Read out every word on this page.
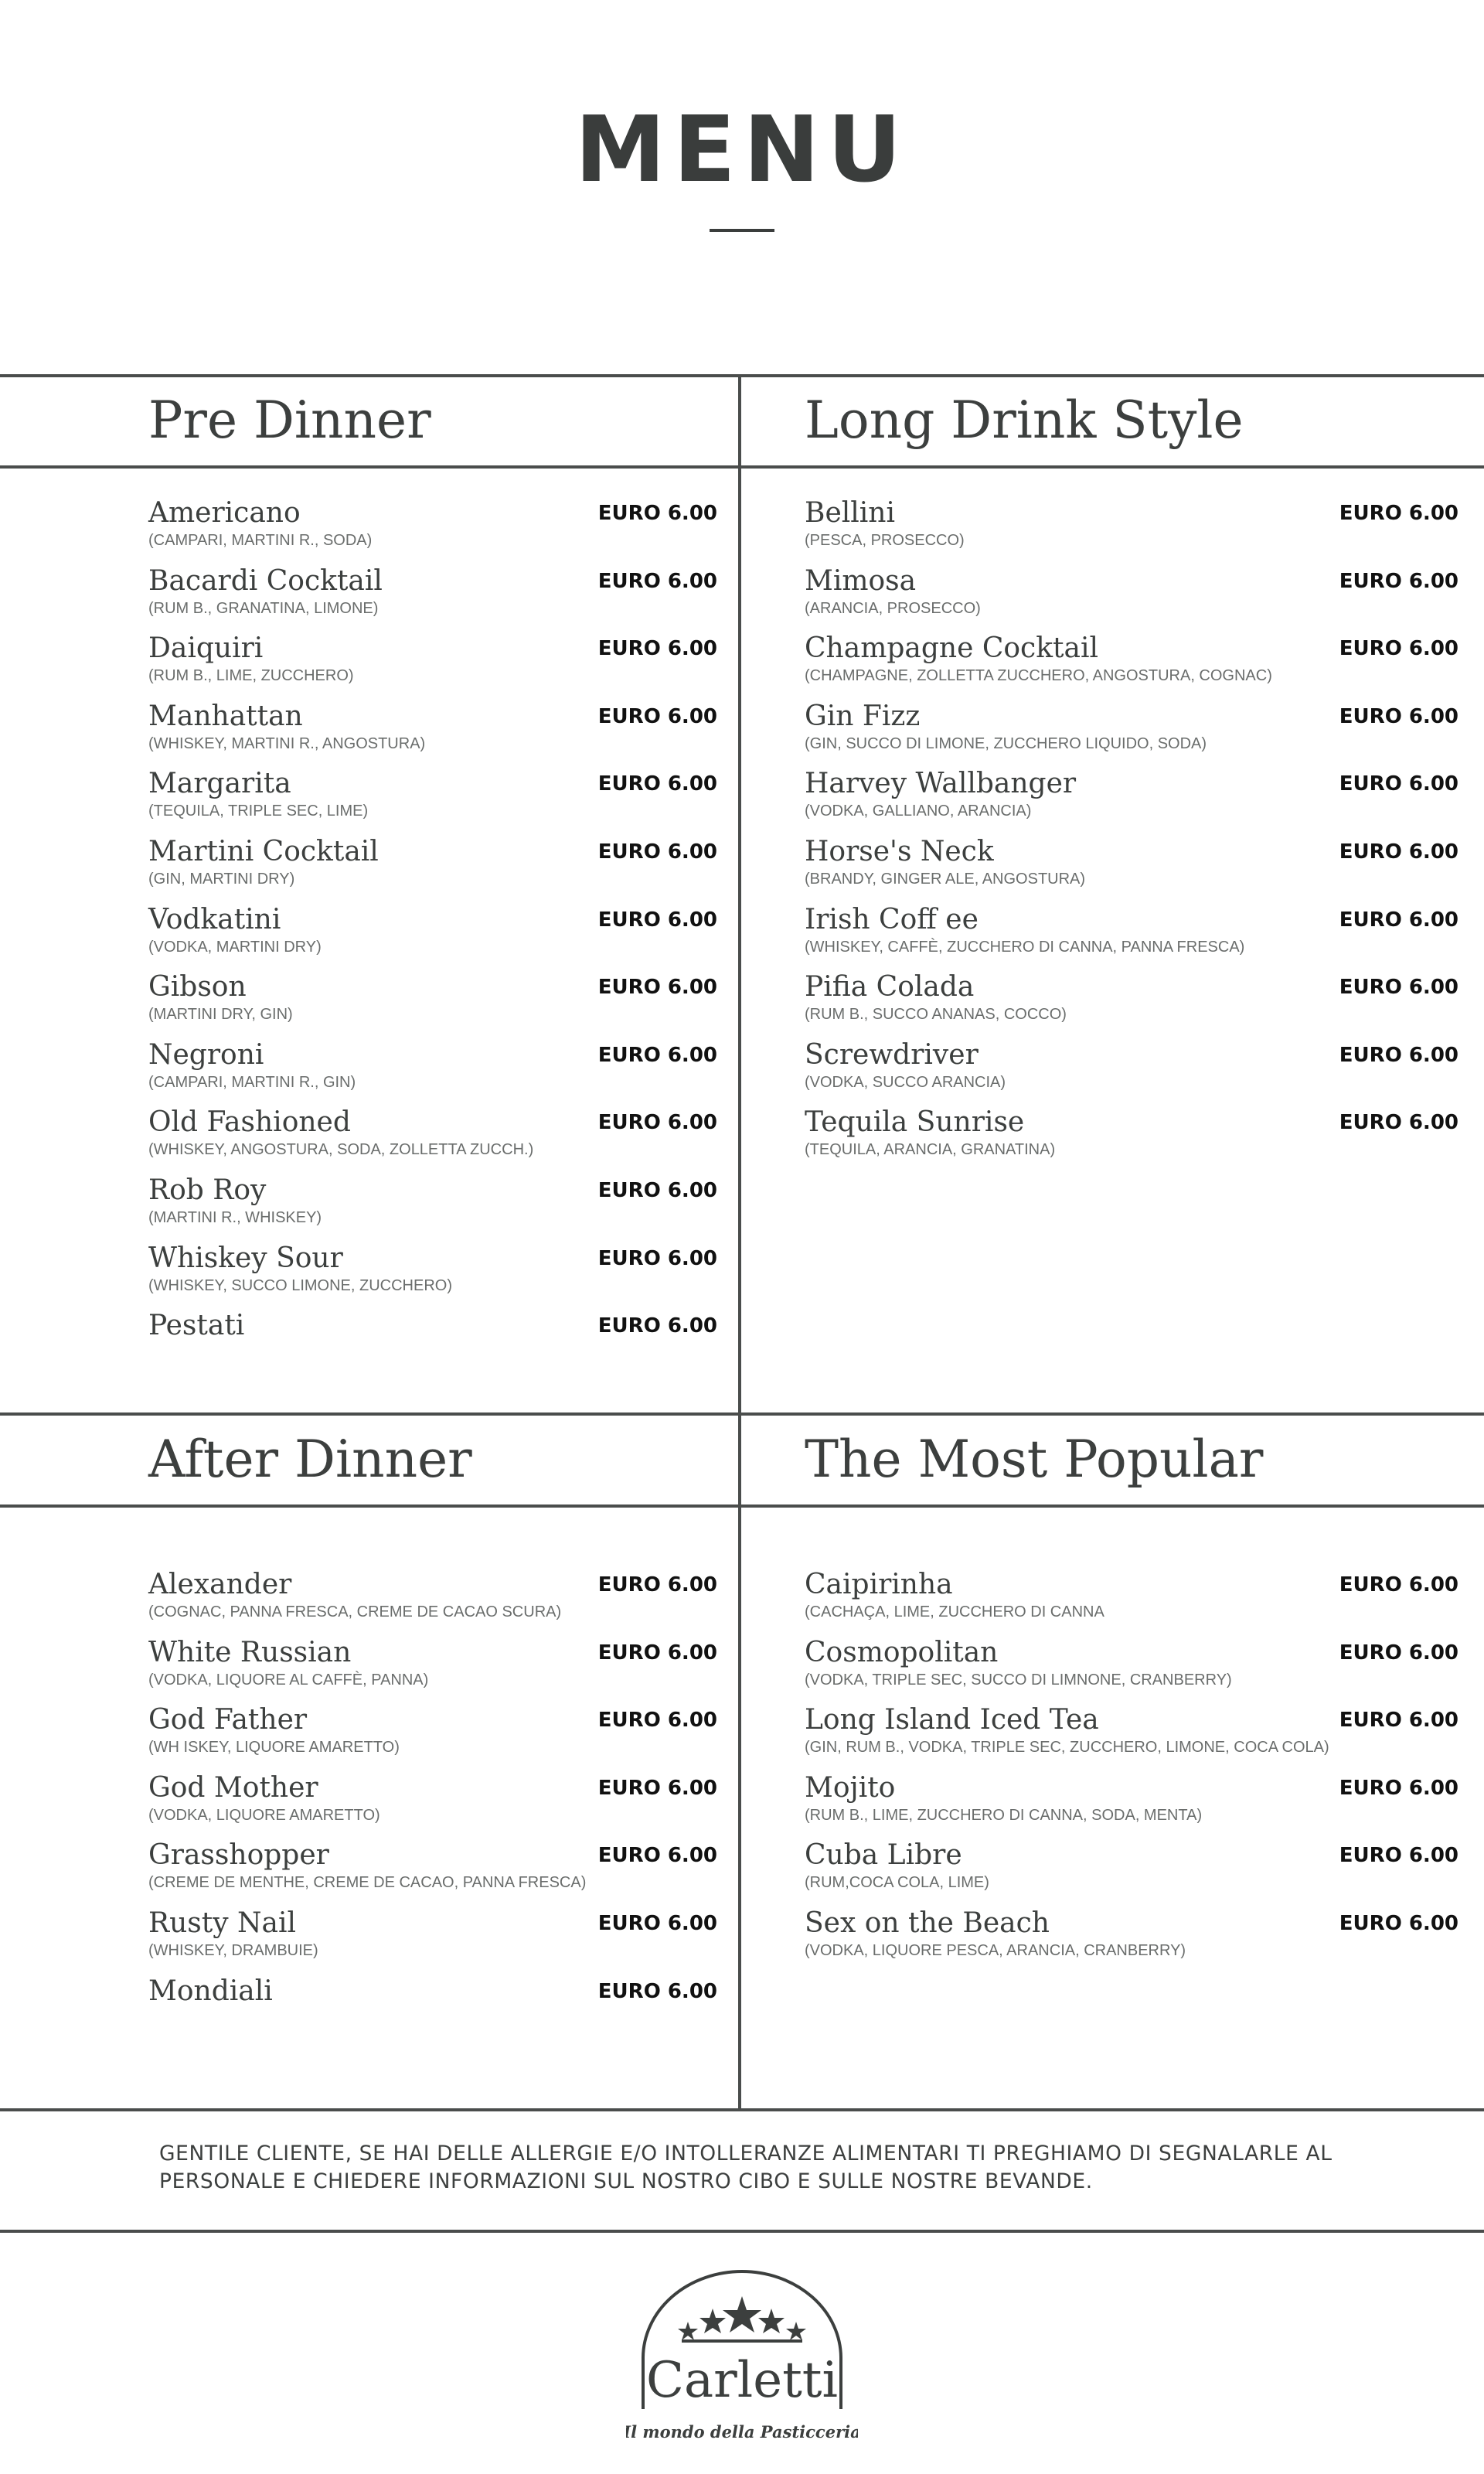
MENU
Pre Dinner
Americano
(CAMPARI, MARTINI R., SODA)
EURO 6.00
Bacardi Cocktail
(RUM B., GRANATINA, LIMONE)
EURO 6.00
Daiquiri
(RUM B., LIME, ZUCCHERO)
EURO 6.00
Manhattan
(WHISKEY, MARTINI R., ANGOSTURA)
EURO 6.00
Margarita
(TEQUILA, TRIPLE SEC, LIME)
EURO 6.00
Martini Cocktail
(GIN, MARTINI DRY)
EURO 6.00
Vodkatini
(VODKA, MARTINI DRY)
EURO 6.00
Gibson
(MARTINI DRY, GIN)
EURO 6.00
Negroni
(CAMPARI, MARTINI R., GIN)
EURO 6.00
Old Fashioned
(WHISKEY, ANGOSTURA, SODA, ZOLLETTA ZUCCH.)
EURO 6.00
Rob Roy
(MARTINI R., WHISKEY)
EURO 6.00
Whiskey Sour
(WHISKEY, SUCCO LIMONE, ZUCCHERO)
EURO 6.00
Pestati	EURO 6.00
Long Drink Style
Bellini
(PESCA, PROSECCO)
EURO 6.00
Mimosa
(ARANCIA, PROSECCO)
EURO 6.00
Champagne Cocktail
(CHAMPAGNE, ZOLLETTA ZUCCHERO, ANGOSTURA, COGNAC)
EURO 6.00
Gin Fizz
(GIN, SUCCO DI LIMONE, ZUCCHERO LIQUIDO, SODA)
EURO 6.00
Harvey Wallbanger
(VODKA, GALLIANO, ARANCIA)
EURO 6.00
Horse's Neck
(BRANDY, GINGER ALE, ANGOSTURA)
EURO 6.00
Irish Coff ee
(WHISKEY, CAFFÈ, ZUCCHERO DI CANNA, PANNA FRESCA)
EURO 6.00
Pifia Colada
(RUM B., SUCCO ANANAS, COCCO)
EURO 6.00
Screwdriver
(VODKA, SUCCO ARANCIA)
EURO 6.00
Tequila Sunrise
(TEQUILA, ARANCIA, GRANATINA)
EURO 6.00
After Dinner
Alexander
(COGNAC, PANNA FRESCA, CREME DE CACAO SCURA)
EURO 6.00
White Russian
(VODKA, LIQUORE AL CAFFÈ, PANNA)
EURO 6.00
God Father
(WH ISKEY, LIQUORE AMARETTO)
EURO 6.00
God Mother
(VODKA, LIQUORE AMARETTO)
EURO 6.00
Grasshopper
(CREME DE MENTHE, CREME DE CACAO, PANNA FRESCA)
EURO 6.00
Rusty Nail
(WHISKEY, DRAMBUIE)
EURO 6.00
Mondiali	EURO 6.00
The Most Popular
Caipirinha
(CACHAÇA, LIME, ZUCCHERO DI CANNA
EURO 6.00
Cosmopolitan
(VODKA, TRIPLE SEC, SUCCO DI LIMNONE, CRANBERRY)
EURO 6.00
Long Island Iced Tea
(GIN, RUM B., VODKA, TRIPLE SEC, ZUCCHERO, LIMONE, COCA COLA)
EURO 6.00
Mojito
(RUM B., LIME, ZUCCHERO DI CANNA, SODA, MENTA)
EURO 6.00
Cuba Libre
(RUM,COCA COLA, LIME)
EURO 6.00
Sex on the Beach
(VODKA, LIQUORE PESCA, ARANCIA, CRANBERRY)
EURO 6.00

GENTILE CLIENTE, SE HAI DELLE ALLERGIE E/O INTOLLERANZE ALIMENTARI TI PREGHIAMO DI SEGNALARLE AL
PERSONALE E CHIEDERE INFORMAZIONI SUL NOSTRO CIBO E SULLE NOSTRE BEVANDE.

Carletti
Il mondo della Pasticceria
